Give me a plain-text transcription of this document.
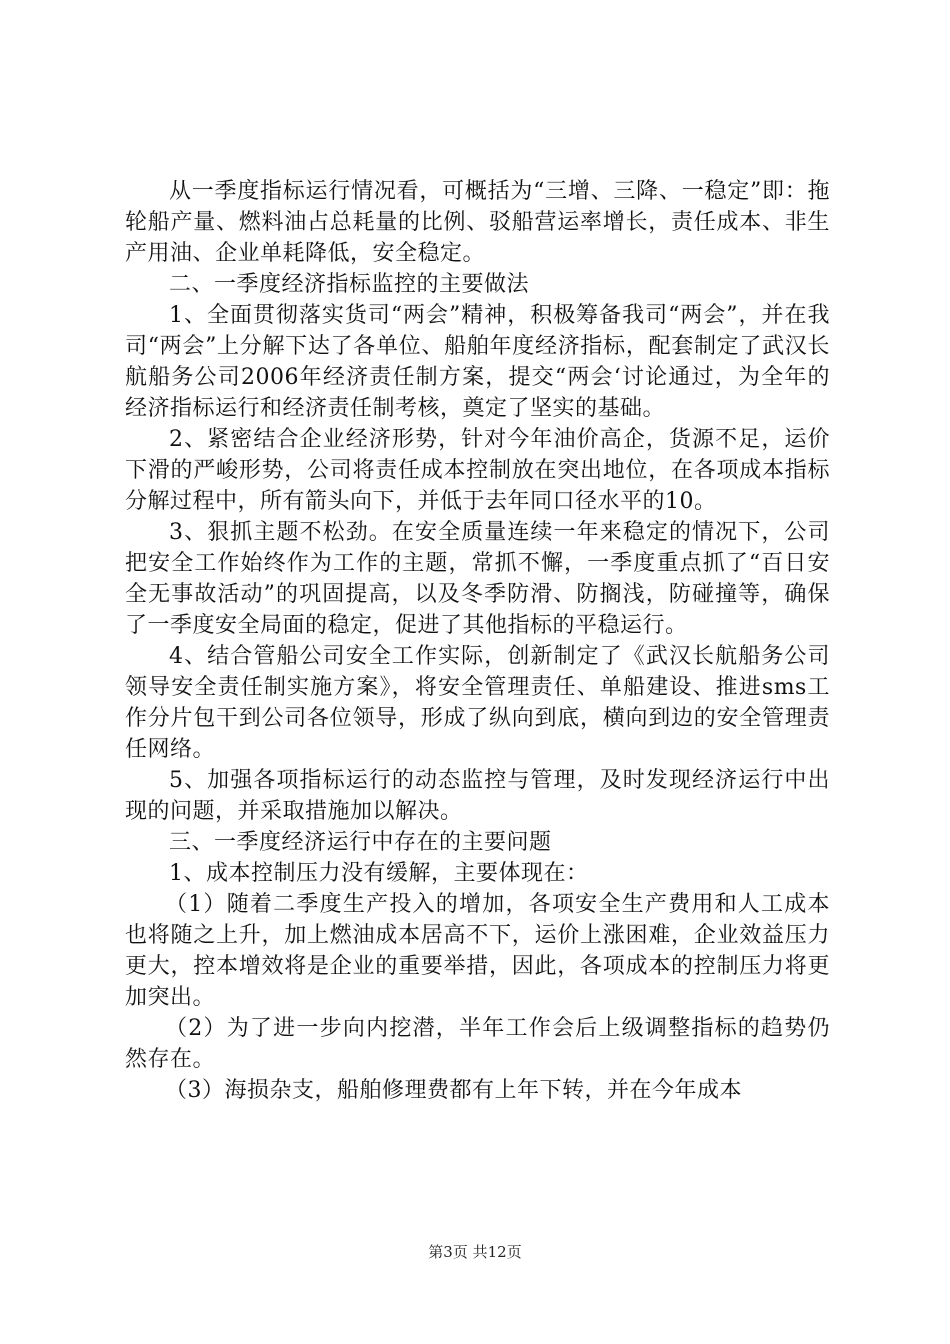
从一季度指标运行情况看，可概括为“三增、三降、一稳定”即：拖轮船产量、燃料油占总耗量的比例、驳船营运率增长，责任成本、非生产用油、企业单耗降低，安全稳定。

二、一季度经济指标监控的主要做法

1、全面贯彻落实货司“两会”精神，积极筹备我司“两会”，并在我司“两会”上分解下达了各单位、船舶年度经济指标，配套制定了武汉长航船务公司2006年经济责任制方案，提交“两会‘讨论通过，为全年的经济指标运行和经济责任制考核，奠定了坚实的基础。

2、紧密结合企业经济形势，针对今年油价高企，货源不足，运价下滑的严峻形势，公司将责任成本控制放在突出地位，在各项成本指标分解过程中，所有箭头向下，并低于去年同口径水平的10。

3、狠抓主题不松劲。在安全质量连续一年来稳定的情况下，公司把安全工作始终作为工作的主题，常抓不懈，一季度重点抓了“百日安全无事故活动”的巩固提高，以及冬季防滑、防搁浅，防碰撞等，确保了一季度安全局面的稳定，促进了其他指标的平稳运行。

4、结合管船公司安全工作实际，创新制定了《武汉长航船务公司领导安全责任制实施方案》，将安全管理责任、单船建设、推进sms工作分片包干到公司各位领导，形成了纵向到底，横向到边的安全管理责任网络。

5、加强各项指标运行的动态监控与管理，及时发现经济运行中出现的问题，并采取措施加以解决。

三、一季度经济运行中存在的主要问题

1、成本控制压力没有缓解，主要体现在：

（1）随着二季度生产投入的增加，各项安全生产费用和人工成本也将随之上升，加上燃油成本居高不下，运价上涨困难，企业效益压力更大，控本增效将是企业的重要举措，因此，各项成本的控制压力将更加突出。

（2）为了进一步向内挖潜，半年工作会后上级调整指标的趋势仍然存在。

（3）海损杂支，船舶修理费都有上年下转，并在今年成本

第3页 共12页
